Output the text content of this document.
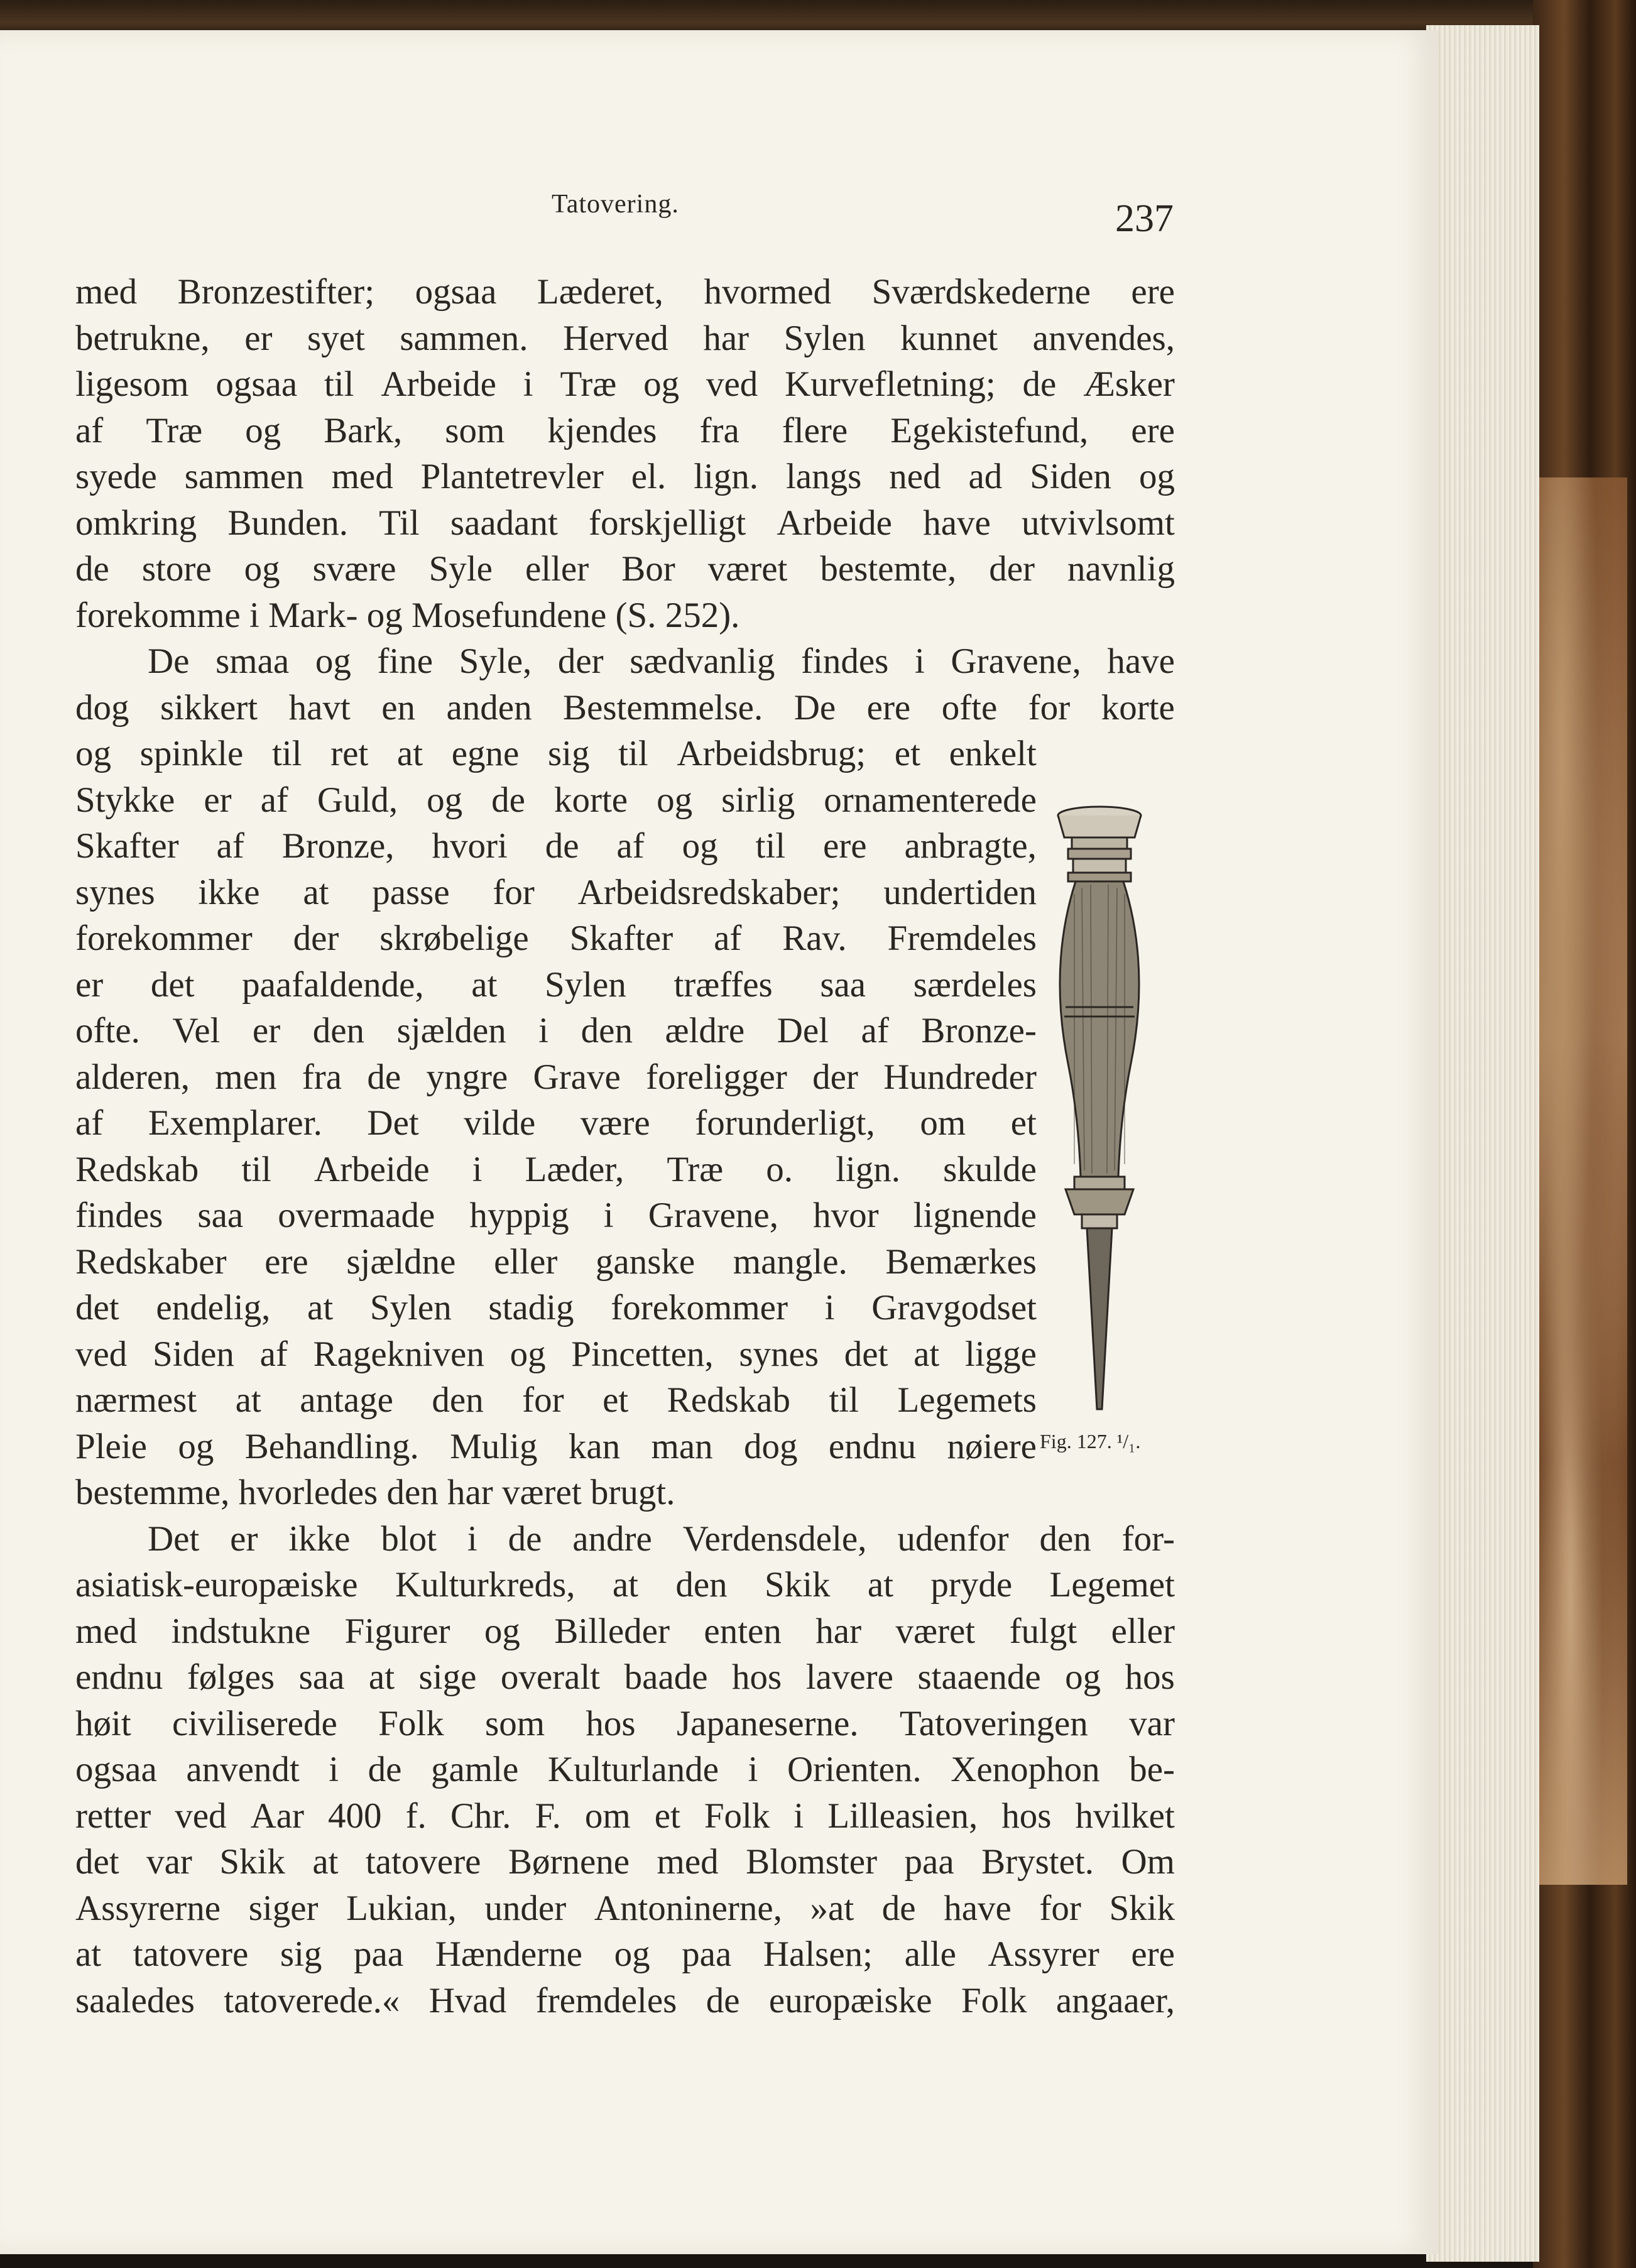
Tatovering.	237
med Bronzestifter; ogsaa Læderet, hvormed Sværdskederne ere
betrukne, er syet sammen. Herved har Sylen kunnet anvendes,
ligesom ogsaa til Arbeide i Træ og ved Kurvefletning; de Æsker
af Træ og Bark, som kjendes fra flere Egekistefund, ere
syede sammen med Plantetrevler el. lign. langs ned ad Siden og
omkring Bunden. Til saadant forskjelligt Arbeide have utvivlsomt
de store og svære Syle eller Bor været bestemte, der navnlig
forekomme i Mark- og Mosefundene (S. 252).
De smaa og fine Syle, der sædvanlig findes i Gravene, have
dog sikkert havt en anden Bestemmelse. De ere ofte for korte
og spinkle til ret at egne sig til Arbeidsbrug; et enkelt
Stykke er af Guld, og de korte og sirlig ornamenterede
Skafter af Bronze, hvori de af og til ere anbragte,
synes ikke at passe for Arbeidsredskaber; undertiden
forekommer der skrøbelige Skafter af Rav. Fremdeles
er det paafaldende, at Sylen træffes saa særdeles
ofte. Vel er den sjælden i den ældre Del af Bronze-
alderen, men fra de yngre Grave foreligger der Hundreder
af Exemplarer. Det vilde være forunderligt, om et
Redskab til Arbeide i Læder, Træ o. lign. skulde
findes saa overmaade hyppig i Gravene, hvor lignende
Redskaber ere sjældne eller ganske mangle. Bemærkes
det endelig, at Sylen stadig forekommer i Gravgodset
ved Siden af Ragekniven og Pincetten, synes det at ligge
nærmest at antage den for et Redskab til Legemets
Pleie og Behandling. Mulig kan man dog endnu nøiere
bestemme, hvorledes den har været brugt.
Det er ikke blot i de andre Verdensdele, udenfor den for-
asiatisk-europæiske Kulturkreds, at den Skik at pryde Legemet
med indstukne Figurer og Billeder enten har været fulgt eller
endnu følges saa at sige overalt baade hos lavere staaende og hos
høit civiliserede Folk som hos Japaneserne. Tatoveringen var
ogsaa anvendt i de gamle Kulturlande i Orienten. Xenophon be-
retter ved Aar 400 f. Chr. F. om et Folk i Lilleasien, hos hvilket
det var Skik at tatovere Børnene med Blomster paa Brystet. Om
Assyrerne siger Lukian, under Antoninerne, »at de have for Skik
at tatovere sig paa Hænderne og paa Halsen; alle Assyrer ere
saaledes tatoverede.« Hvad fremdeles de europæiske Folk angaaer,
Fig. 127. ¹/₁.
